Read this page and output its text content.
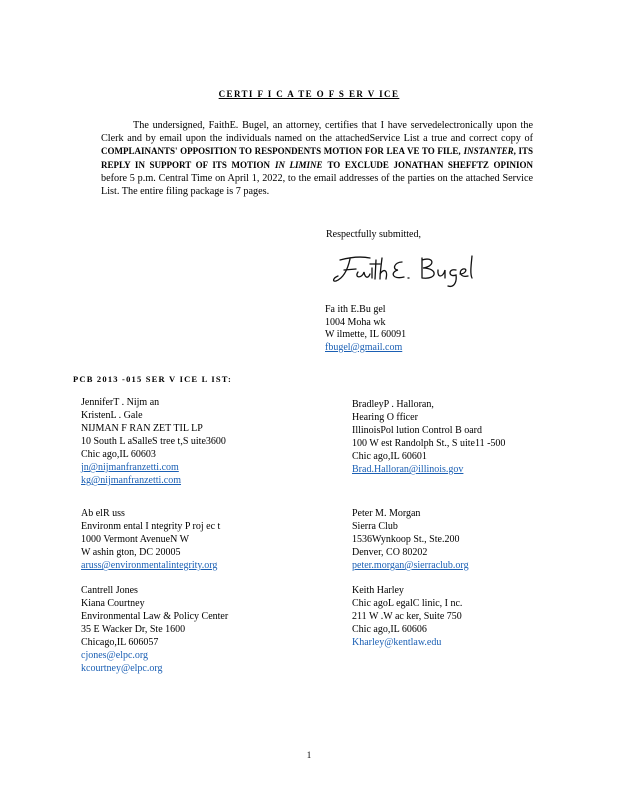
CERTI F I C A TE O F S ER V ICE
The undersigned, FaithE. Bugel, an attorney, certifies that I have servedelectronically upon the Clerk and by email upon the individuals named on the attachedService List a true and correct copy of COMPLAINANTS' OPPOSITION TO RESPONDENTS MOTION FOR LEA VE TO FILE, INSTANTER, ITS REPLY IN SUPPORT OF ITS MOTION IN LIMINE TO EXCLUDE JONATHAN SHEFFTZ OPINION before 5 p.m. Central Time on April 1, 2022, to the email addresses of the parties on the attached Service List. The entire filing package is 7 pages.
Respectfully submitted,
Fa ith E.Bu gel
1004 Moha wk
W ilmette, IL 60091
fbugel@gmail.com
PCB 2013 -015 SER V ICE L IST:
JenniferT . Nijm an
KristenL . Gale
NIJMAN F RAN ZET TIL LP
10 South L aSalleS tree t,S uite3600
Chic ago,IL 60603
jn@nijmanfranzetti.com
kg@nijmanfranzetti.com
BradleyP . Halloran,
Hearing O fficer
IllinoisPol lution Control B oard
100 W est Randolph St., S uite11 -500
Chic ago,IL 60601
Brad.Halloran@illinois.gov
Ab elR uss
Environm ental I ntegrity P roj ec t
1000 Vermont AvenueN W
W ashin gton, DC 20005
aruss@environmentalintegrity.org
Peter M. Morgan
Sierra Club
1536Wynkoop St., Ste.200
Denver, CO 80202
peter.morgan@sierraclub.org
Cantrell Jones
Kiana Courtney
Environmental Law & Policy Center
35 E Wacker Dr, Ste 1600
Chicago,IL 606057
cjones@elpc.org
kcourtney@elpc.org
Keith Harley
Chic agoL egalC linic, I nc.
211 W .W ac ker, Suite 750
Chic ago,IL 60606
Kharley@kentlaw.edu
1
